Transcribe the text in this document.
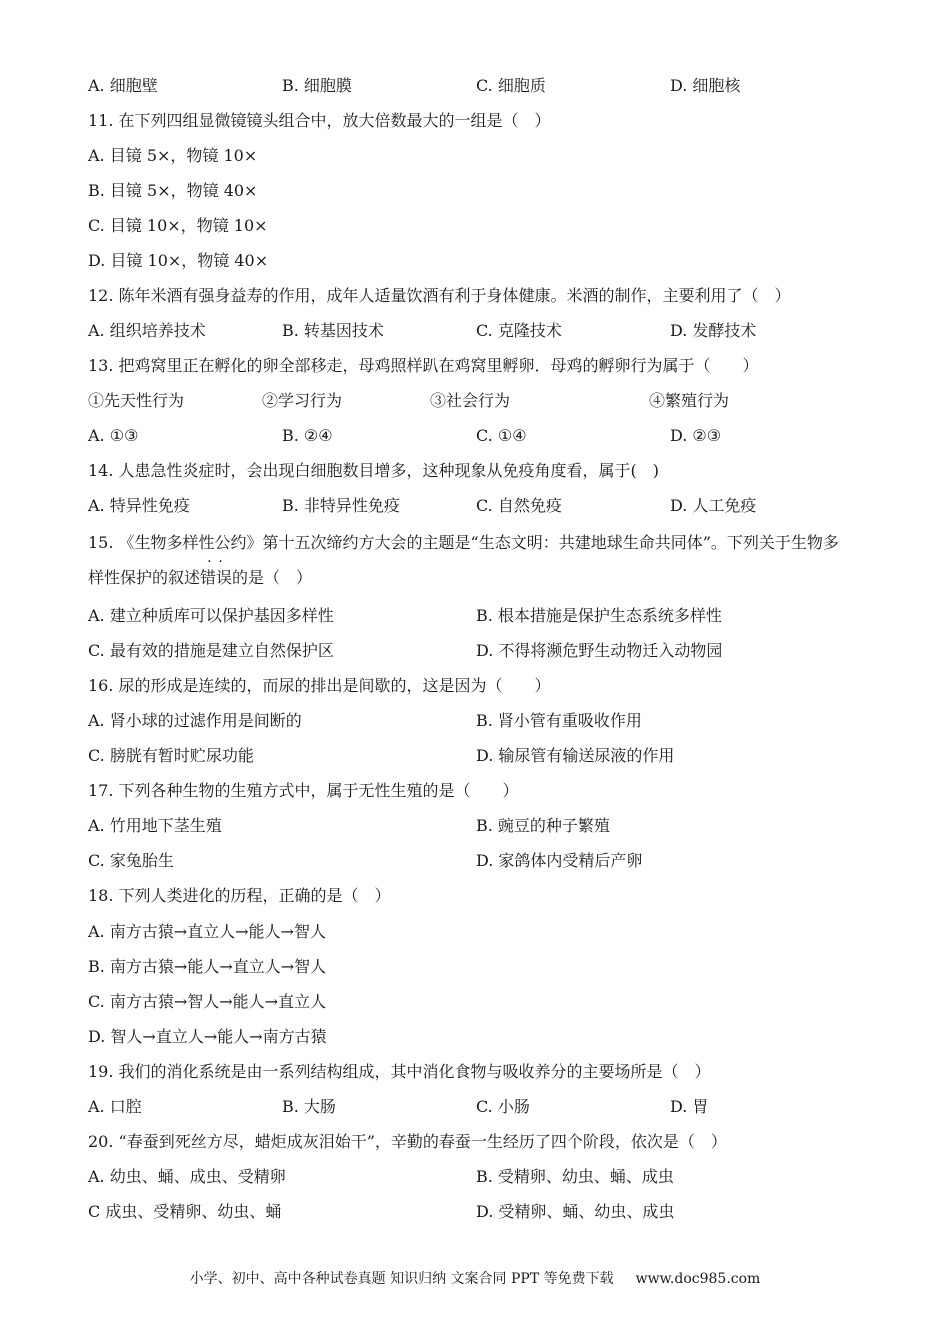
A. 细胞壁	B. 细胞膜	C. 细胞质	D. 细胞核
11. 在下列四组显微镜镜头组合中，放大倍数最大的一组是（　）
A. 目镜 5×，物镜 10×
B. 目镜 5×，物镜 40×
C. 目镜 10×，物镜 10×
D. 目镜 10×，物镜 40×
12. 陈年米酒有强身益寿的作用，成年人适量饮酒有利于身体健康。米酒的制作，主要利用了（　）
A. 组织培养技术	B. 转基因技术	C. 克隆技术	D. 发酵技术
13. 把鸡窝里正在孵化的卵全部移走，母鸡照样趴在鸡窝里孵卵．母鸡的孵卵行为属于（　　）
①先天性行为	②学习行为	③社会行为	④繁殖行为
A. ①③	B. ②④	C. ①④	D. ②③
14. 人患急性炎症时，会出现白细胞数目增多，这种现象从免疫角度看，属于(　)
A. 特异性免疫	B. 非特异性免疫	C. 自然免疫	D. 人工免疫
15. 《生物多样性公约》第十五次缔约方大会的主题是“生态文明：共建地球生命共同体”。下列关于生物多
样性保护的叙述错误 · ·的是（　）
A. 建立种质库可以保护基因多样性	B. 根本措施是保护生态系统多样性
C. 最有效的措施是建立自然保护区	D. 不得将濒危野生动物迁入动物园
16. 尿的形成是连续的，而尿的排出是间歇的，这是因为（　　）
A. 肾小球的过滤作用是间断的	B. 肾小管有重吸收作用
C. 膀胱有暂时贮尿功能	D. 输尿管有输送尿液的作用
17. 下列各种生物的生殖方式中，属于无性生殖的是（　　）
A. 竹用地下茎生殖	B. 豌豆的种子繁殖
C. 家兔胎生	D. 家鸽体内受精后产卵
18. 下列人类进化的历程，正确的是（　）
A. 南方古猿→直立人→能人→智人
B. 南方古猿→能人→直立人→智人
C. 南方古猿→智人→能人→直立人
D. 智人→直立人→能人→南方古猿
19. 我们的消化系统是由一系列结构组成，其中消化食物与吸收养分的主要场所是（　）
A. 口腔	B. 大肠	C. 小肠	D. 胃
20. “春蚕到死丝方尽，蜡炬成灰泪始干”，辛勤的春蚕一生经历了四个阶段，依次是（　）
A. 幼虫、蛹、成虫、受精卵	B. 受精卵、幼虫、蛹、成虫
C 成虫、受精卵、幼虫、蛹	D. 受精卵、蛹、幼虫、成虫
小学、初中、高中各种试卷真题 知识归纳 文案合同 PPT 等免费下载 www.doc985.com
